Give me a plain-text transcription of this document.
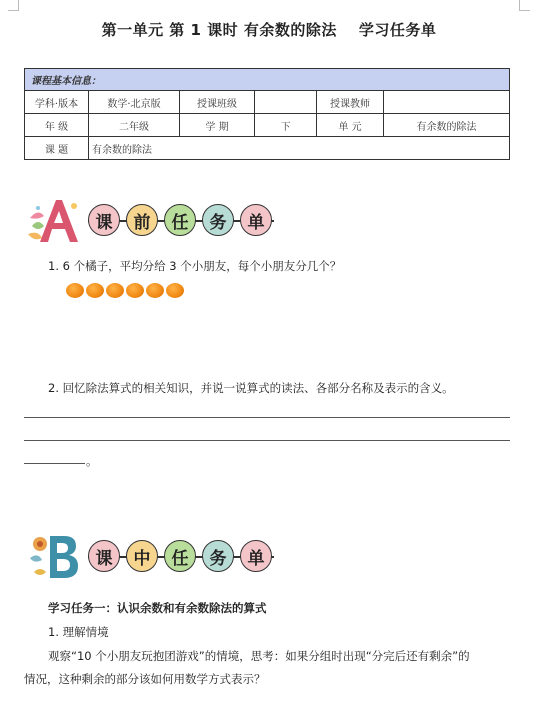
第一单元 第 1 课时 有余数的除法 学习任务单
课程基本信息：					
学科·版本	数学·北京版	授课班级		授课教师	
年 级	二年级	学 期	下	单 元	有余数的除法
课 题	有余数的除法				
课	前	任	务	单
1. 6 个橘子，平均分给 3 个小朋友，每个小朋友分几个？
2. 回忆除法算式的相关知识，并说一说算式的读法、各部分名称及表示的含义。
。
课	中	任	务	单
学习任务一：认识余数和有余数除法的算式
1. 理解情境
观察“10 个小朋友玩抱团游戏”的情境，思考：如果分组时出现“分完后还有剩余”的
情况，这种剩余的部分该如何用数学方式表示？
